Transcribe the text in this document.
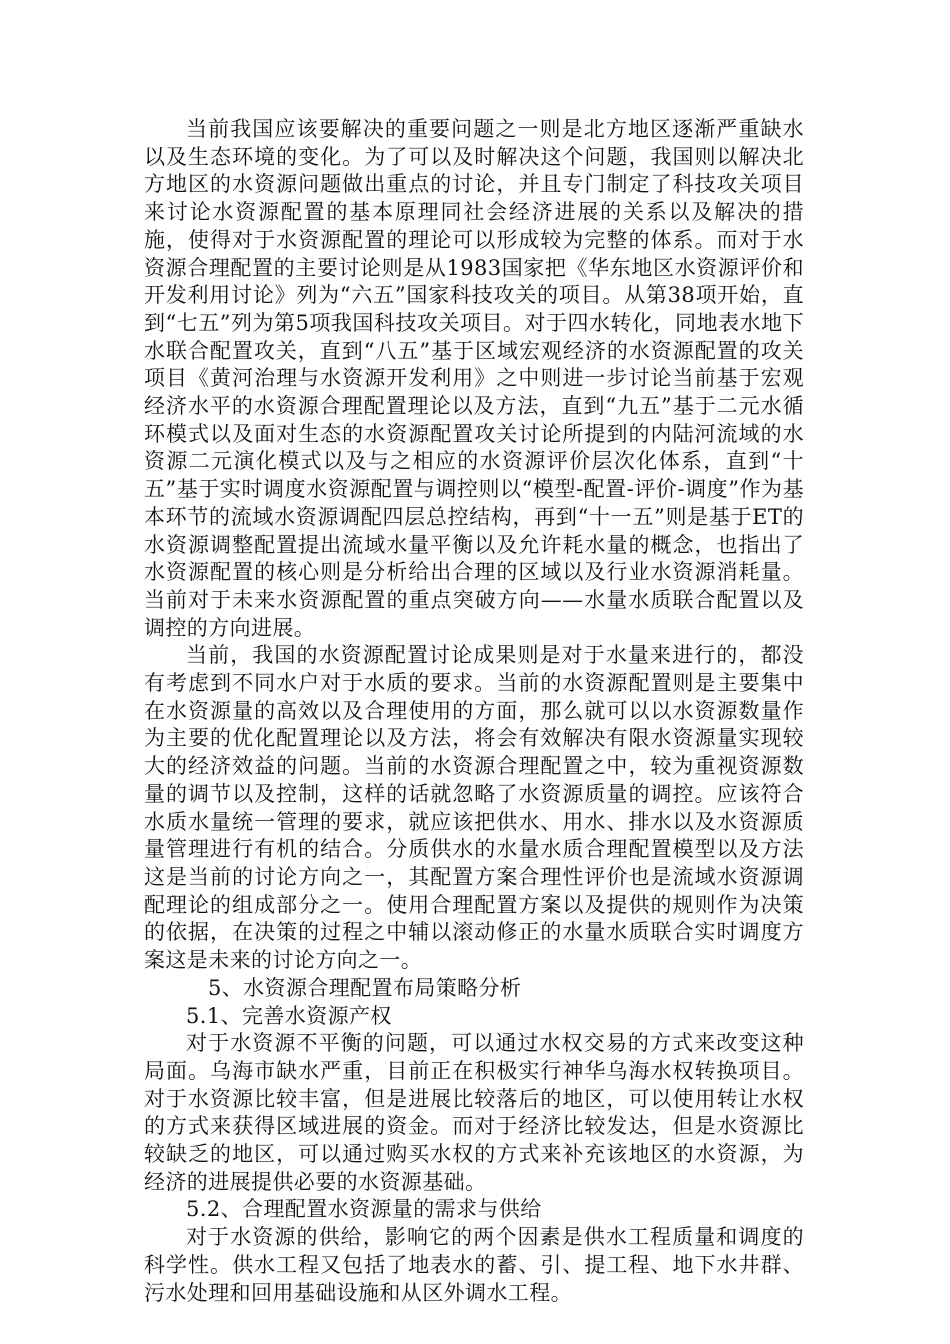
当前我国应该要解决的重要问题之一则是北方地区逐渐严重缺水以及生态环境的变化。为了可以及时解决这个问题，我国则以解决北方地区的水资源问题做出重点的讨论，并且专门制定了科技攻关项目来讨论水资源配置的基本原理同社会经济进展的关系以及解决的措施，使得对于水资源配置的理论可以形成较为完整的体系。而对于水资源合理配置的主要讨论则是从1983国家把《华东地区水资源评价和开发利用讨论》列为“六五”国家科技攻关的项目。从第38项开始，直到“七五”列为第5项我国科技攻关项目。对于四水转化，同地表水地下水联合配置攻关，直到“八五”基于区域宏观经济的水资源配置的攻关项目《黄河治理与水资源开发利用》之中则进一步讨论当前基于宏观经济水平的水资源合理配置理论以及方法，直到“九五”基于二元水循环模式以及面对生态的水资源配置攻关讨论所提到的内陆河流域的水资源二元演化模式以及与之相应的水资源评价层次化体系，直到“十五”基于实时调度水资源配置与调控则以“模型-配置-评价-调度”作为基本环节的流域水资源调配四层总控结构，再到“十一五”则是基于ET的水资源调整配置提出流域水量平衡以及允许耗水量的概念，也指出了水资源配置的核心则是分析给出合理的区域以及行业水资源消耗量。当前对于未来水资源配置的重点突破方向——水量水质联合配置以及调控的方向进展。

当前，我国的水资源配置讨论成果则是对于水量来进行的，都没有考虑到不同水户对于水质的要求。当前的水资源配置则是主要集中在水资源量的高效以及合理使用的方面，那么就可以以水资源数量作为主要的优化配置理论以及方法，将会有效解决有限水资源量实现较大的经济效益的问题。当前的水资源合理配置之中，较为重视资源数量的调节以及控制，这样的话就忽略了水资源质量的调控。应该符合水质水量统一管理的要求，就应该把供水、用水、排水以及水资源质量管理进行有机的结合。分质供水的水量水质合理配置模型以及方法这是当前的讨论方向之一，其配置方案合理性评价也是流域水资源调配理论的组成部分之一。使用合理配置方案以及提供的规则作为决策的依据，在决策的过程之中辅以滚动修正的水量水质联合实时调度方案这是未来的讨论方向之一。

5、水资源合理配置布局策略分析

5.1、完善水资源产权

对于水资源不平衡的问题，可以通过水权交易的方式来改变这种局面。乌海市缺水严重，目前正在积极实行神华乌海水权转换项目。对于水资源比较丰富，但是进展比较落后的地区，可以使用转让水权的方式来获得区域进展的资金。而对于经济比较发达，但是水资源比较缺乏的地区，可以通过购买水权的方式来补充该地区的水资源，为经济的进展提供必要的水资源基础。

5.2、合理配置水资源量的需求与供给

对于水资源的供给，影响它的两个因素是供水工程质量和调度的科学性。供水工程又包括了地表水的蓄、引、提工程、地下水井群、污水处理和回用基础设施和从区外调水工程。
